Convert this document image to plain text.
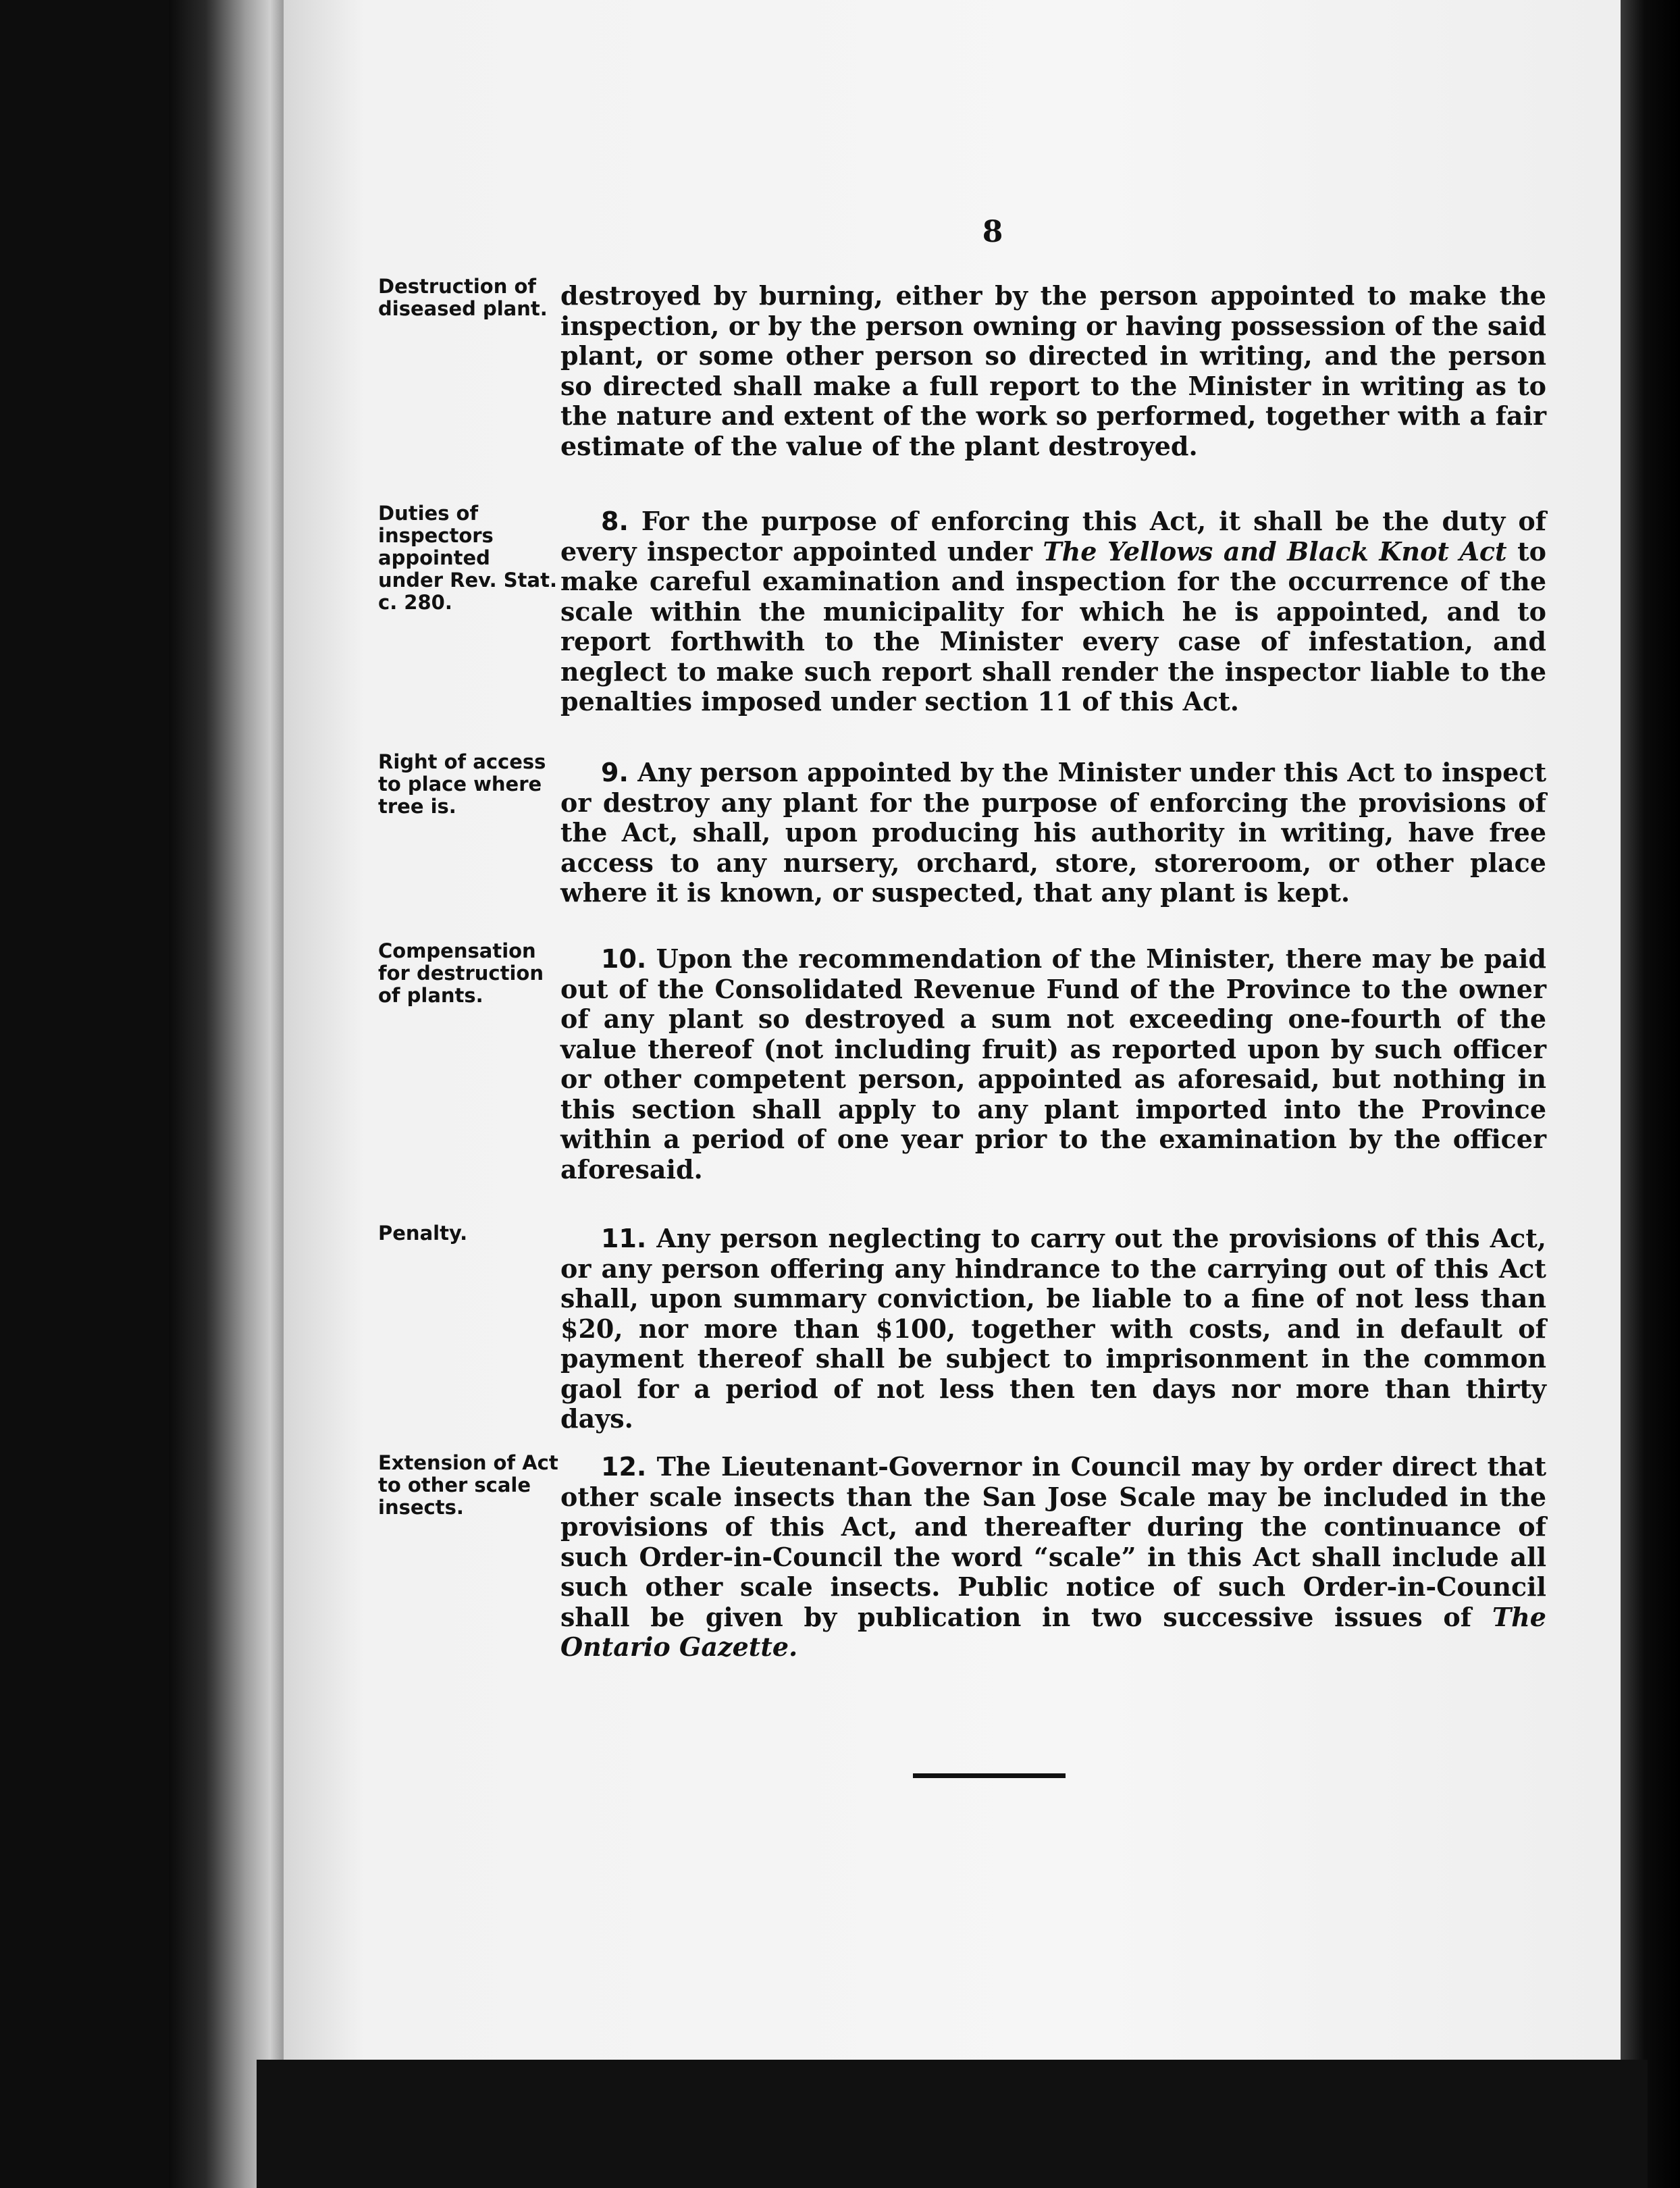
8
Destruction of diseased plant. destroyed by burning, either by the person appointed to make the inspection, or by the person owning or having possession of the said plant, or some other person so directed in writing, and the person so directed shall make a full report to the Minister in writing as to the nature and extent of the work so performed, together with a fair estimate of the value of the plant destroyed.
Duties of inspectors appointed under Rev. Stat. c. 280.
8. For the purpose of enforcing this Act, it shall be the duty of every inspector appointed under The Yellows and Black Knot Act to make careful examination and inspection for the occurrence of the scale within the municipality for which he is appointed, and to report forthwith to the Minister every case of infestation, and neglect to make such report shall render the inspector liable to the penalties imposed under section 11 of this Act.
Right of access to place where tree is.
9. Any person appointed by the Minister under this Act to inspect or destroy any plant for the purpose of enforcing the provisions of the Act, shall, upon producing his authority in writing, have free access to any nursery, orchard, store, storeroom, or other place where it is known, or suspected, that any plant is kept.
Compensation for destruction of plants.
10. Upon the recommendation of the Minister, there may be paid out of the Consolidated Revenue Fund of the Province to the owner of any plant so destroyed a sum not exceeding one-fourth of the value thereof (not including fruit) as reported upon by such officer or other competent person, appointed as aforesaid, but nothing in this section shall apply to any plant imported into the Province within a period of one year prior to the examination by the officer aforesaid.
Penalty.	11. Any person neglecting to carry out the provisions of this Act, or any person offering any hindrance to the carrying out of this Act shall, upon summary conviction, be liable to a fine of not less than $20, nor more than $100, together with costs, and in default of payment thereof shall be subject to imprisonment in the common gaol for a period of not less then ten days nor more than thirty days.
Extension of Act to other scale insects.
12. The Lieutenant-Governor in Council may by order direct that other scale insects than the San Jose Scale may be included in the provisions of this Act, and thereafter during the continuance of such Order-in-Council the word “scale” in this Act shall include all such other scale insects. Public notice of such Order-in-Council shall be given by publication in two successive issues of The Ontario Gazette.
